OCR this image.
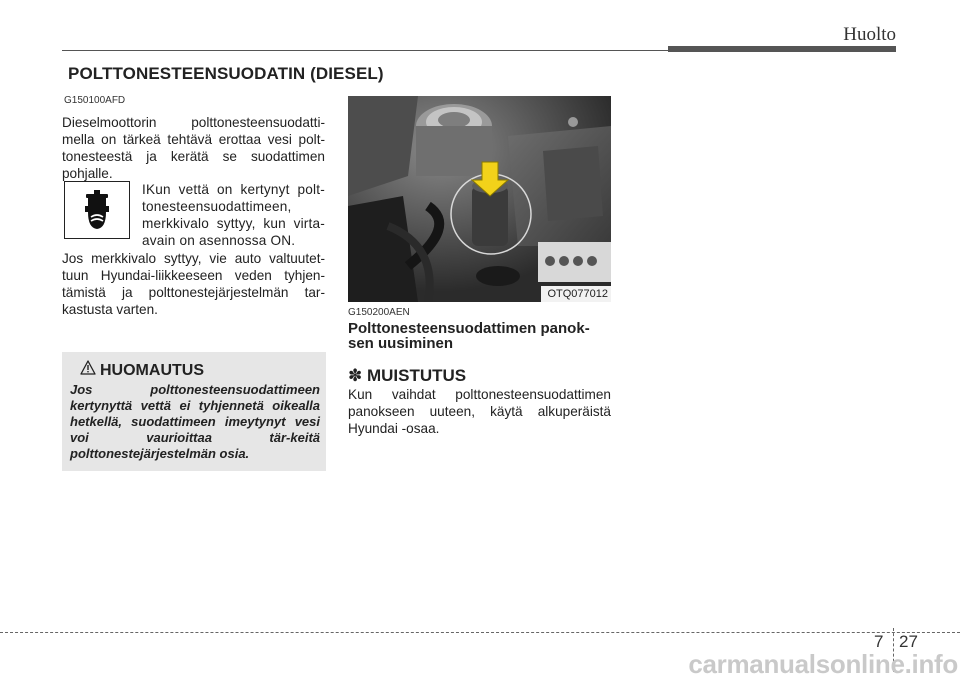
Huolto
POLTTONESTEENSUODATIN (DIESEL)
G150100AFD
Dieselmoottorin polttonesteensuodatti-mella on tärkeä tehtävä erottaa vesi polt-tonesteestä ja kerätä se suodattimen pohjalle.
IKun vettä on kertynyt polt-tonesteensuodattimeen, merkkivalo syttyy, kun virta-avain on asennossa ON.
Jos merkkivalo syttyy, vie auto valtuutet-tuun Hyundai-liikkeeseen veden tyhjen-tämistä ja polttonestejärjestelmän tar-kastusta varten.
HUOMAUTUS
Jos polttonesteensuodattimeen kertynyttä vettä ei tyhjennetä oikealla hetkellä, suodattimeen imeytynyt vesi voi vaurioittaa tär-keitä polttonestejärjestelmän osia.
OTQ077012
G150200AEN
Polttonesteensuodattimen panok-sen uusiminen
✽ MUISTUTUS
Kun vaihdat polttonesteensuodattimen panokseen uuteen, käytä alkuperäistä Hyundai -osaa.
7 27
carmanualsonline.info
